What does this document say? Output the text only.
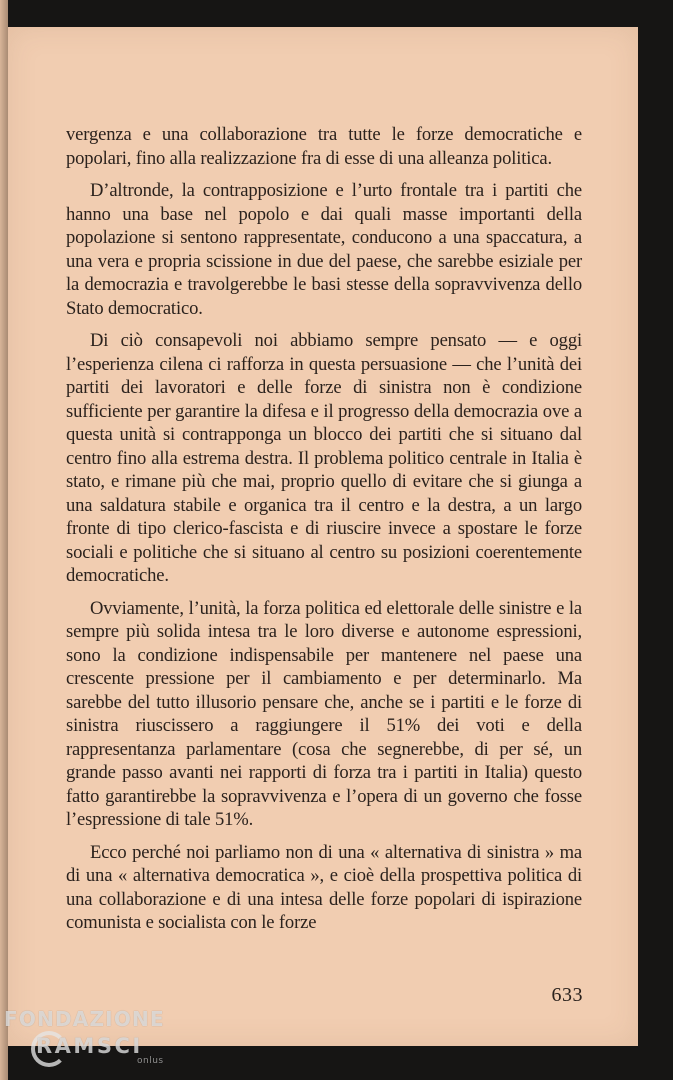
vergenza e una collaborazione tra tutte le forze democratiche e popolari, fino alla realizzazione fra di esse di una alleanza politica.

D’altronde, la contrapposizione e l’urto frontale tra i partiti che hanno una base nel popolo e dai quali masse importanti della popolazione si sentono rappresentate, conducono a una spaccatura, a una vera e propria scissione in due del paese, che sarebbe esiziale per la democrazia e travolgerebbe le basi stesse della sopravvivenza dello Stato democratico.

Di ciò consapevoli noi abbiamo sempre pensato — e oggi l’esperienza cilena ci rafforza in questa persuasione — che l’unità dei partiti dei lavoratori e delle forze di sinistra non è condizione sufficiente per garantire la difesa e il progresso della democrazia ove a questa unità si contrapponga un blocco dei partiti che si situano dal centro fino alla estrema destra. Il problema politico centrale in Italia è stato, e rimane più che mai, proprio quello di evitare che si giunga a una saldatura stabile e organica tra il centro e la destra, a un largo fronte di tipo clerico-fascista e di riuscire invece a spostare le forze sociali e politiche che si situano al centro su posizioni coerentemente democratiche.

Ovviamente, l’unità, la forza politica ed elettorale delle sinistre e la sempre più solida intesa tra le loro diverse e autonome espressioni, sono la condizione indispensabile per mantenere nel paese una crescente pressione per il cambiamento e per determinarlo. Ma sarebbe del tutto illusorio pensare che, anche se i partiti e le forze di sinistra riuscissero a raggiungere il 51% dei voti e della rappresentanza parlamentare (cosa che segnerebbe, di per sé, un grande passo avanti nei rapporti di forza tra i partiti in Italia) questo fatto garantirebbe la sopravvivenza e l’opera di un governo che fosse l’espressione di tale 51%.

Ecco perché noi parliamo non di una « alternativa di sinistra » ma di una « alternativa democratica », e cioè della prospettiva politica di una collaborazione e di una intesa delle forze popolari di ispirazione comunista e socialista con le forze

633
FONDAZIONE
RAMSCI
onlus
